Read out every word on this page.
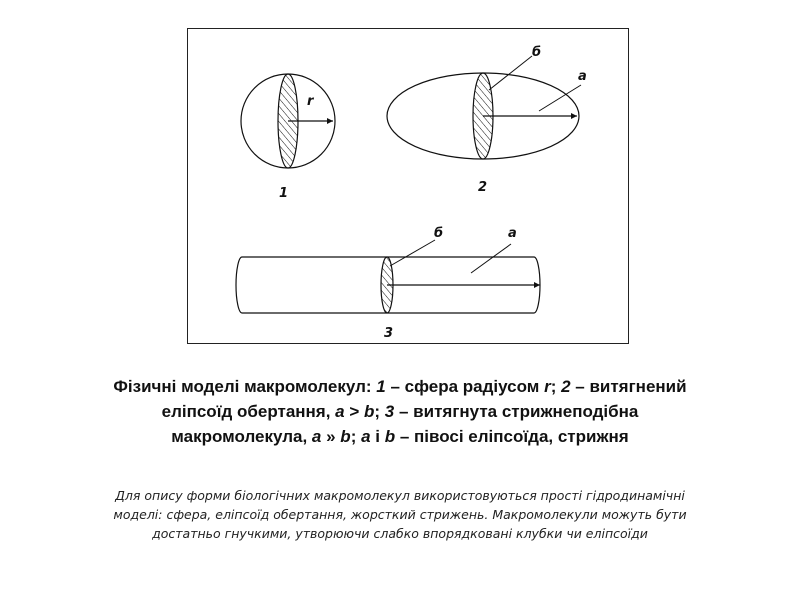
r
1
б
a
2
б	a
3
Фізичні моделі макромолекул: 1 – сфера радіусом r; 2 – витягнений
еліпсоїд обертання, a > b; 3 – витягнута стрижнеподібна
макромолекула, a » b; a і b – півосі еліпсоїда, стрижня
Для опису форми біологічних макромолекул використовуються прості гідродинамічні
моделі: сфера, еліпсоїд обертання, жорсткий стрижень. Макромолекули можуть бути
достатньо гнучкими, утворюючи слабко впорядковані клубки чи еліпсоїди
